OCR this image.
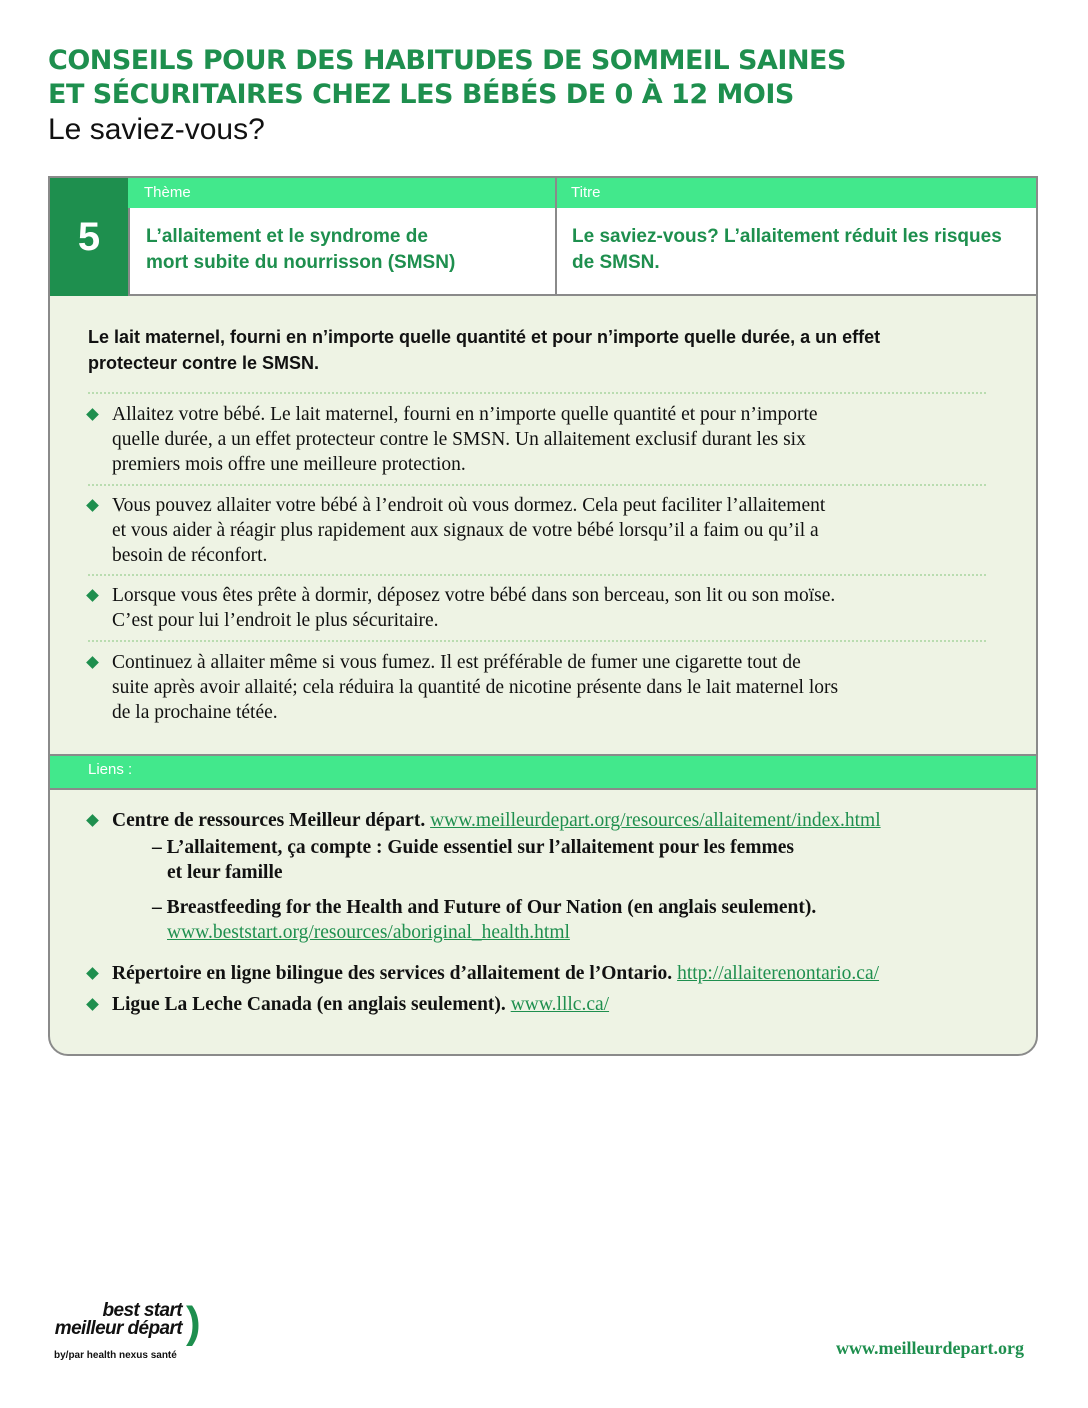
CONSEILS POUR DES HABITUDES DE SOMMEIL SAINES
ET SÉCURITAIRES CHEZ LES BÉBÉS DE 0 À 12 MOIS
Le saviez-vous?
5
Thème	Titre
L’allaitement et le syndrome de
mort subite du nourrisson (SMSN)
Le saviez-vous? L’allaitement réduit les risques
de SMSN.
Le lait maternel, fourni en n’importe quelle quantité et pour n’importe quelle durée, a un effet
protecteur contre le SMSN.
Allaitez votre bébé. Le lait maternel, fourni en n’importe quelle quantité et pour n’importe
quelle durée, a un effet protecteur contre le SMSN. Un allaitement exclusif durant les six
premiers mois offre une meilleure protection.
Vous pouvez allaiter votre bébé à l’endroit où vous dormez. Cela peut faciliter l’allaitement
et vous aider à réagir plus rapidement aux signaux de votre bébé lorsqu’il a faim ou qu’il a
besoin de réconfort.
Lorsque vous êtes prête à dormir, déposez votre bébé dans son berceau, son lit ou son moïse.
C’est pour lui l’endroit le plus sécuritaire.
Continuez à allaiter même si vous fumez. Il est préférable de fumer une cigarette tout de
suite après avoir allaité; cela réduira la quantité de nicotine présente dans le lait maternel lors
de la prochaine tétée.
Liens :
Centre de ressources Meilleur départ. www.meilleurdepart.org/resources/allaitement/index.html
– L’allaitement, ça compte : Guide essentiel sur l’allaitement pour les femmes
et leur famille
– Breastfeeding for the Health and Future of Our Nation (en anglais seulement).
www.beststart.org/resources/aboriginal_health.html
Répertoire en ligne bilingue des services d’allaitement de l’Ontario. http://allaiterenontario.ca/
Ligue La Leche Canada (en anglais seulement). www.lllc.ca/
best start
meilleur départ )
by/par health nexus santé	www.meilleurdepart.org
